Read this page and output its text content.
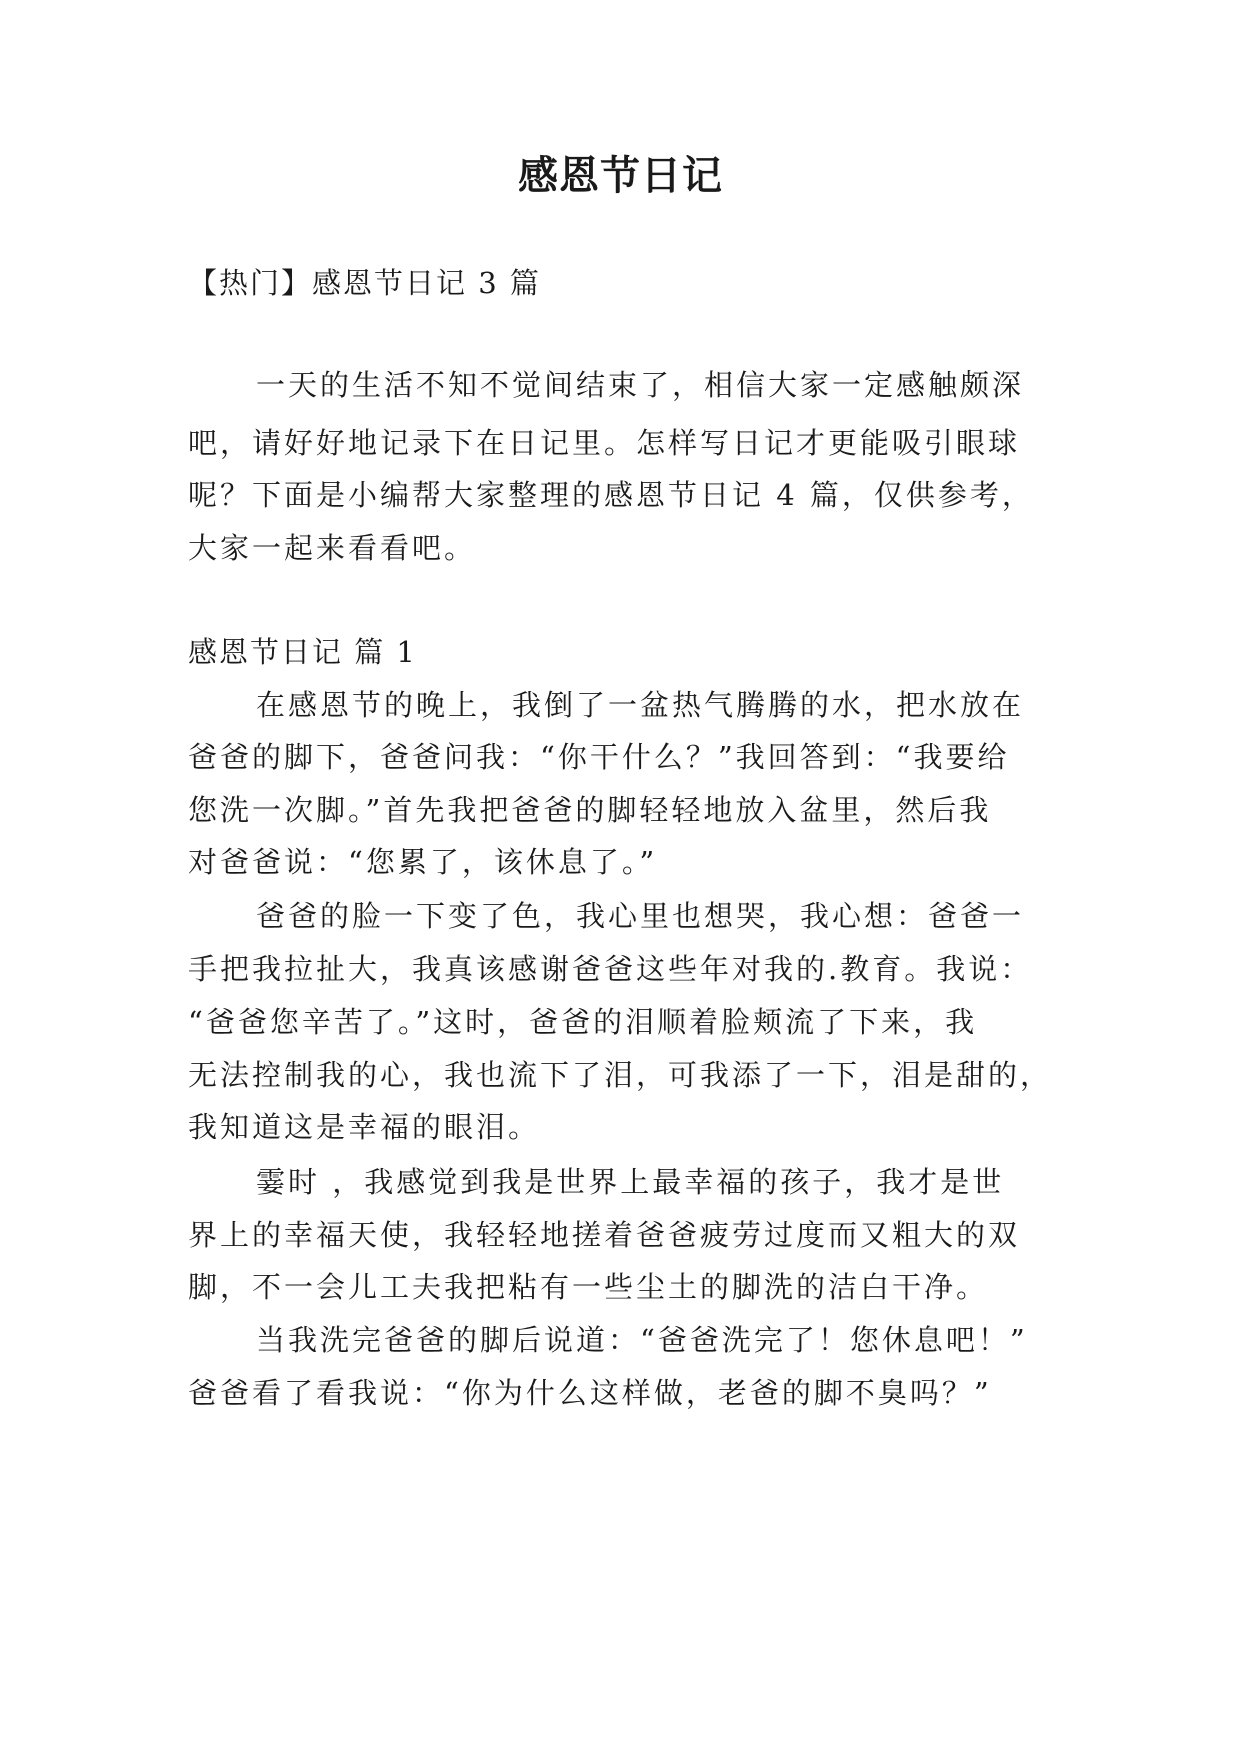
感恩节日记
【热门】感恩节日记 3 篇
一天的生活不知不觉间结束了，相信大家一定感触颇深
吧，请好好地记录下在日记里。怎样写日记才更能吸引眼球
呢？下面是小编帮大家整理的感恩节日记 4 篇，仅供参考，
大家一起来看看吧。
感恩节日记 篇 1
在感恩节的晚上，我倒了一盆热气腾腾的水，把水放在
爸爸的脚下，爸爸问我：“你干什么？”我回答到：“我要给
您洗一次脚。”首先我把爸爸的脚轻轻地放入盆里，然后我
对爸爸说：“您累了，该休息了。”
爸爸的脸一下变了色，我心里也想哭，我心想：爸爸一
手把我拉扯大，我真该感谢爸爸这些年对我的.教育。我说：
“爸爸您辛苦了。”这时，爸爸的泪顺着脸颊流了下来，我
无法控制我的心，我也流下了泪，可我添了一下，泪是甜的，
我知道这是幸福的眼泪。
霎时 ，我感觉到我是世界上最幸福的孩子，我才是世
界上的幸福天使，我轻轻地搓着爸爸疲劳过度而又粗大的双
脚，不一会儿工夫我把粘有一些尘土的脚洗的洁白干净。
当我洗完爸爸的脚后说道：“爸爸洗完了！您休息吧！”
爸爸看了看我说：“你为什么这样做，老爸的脚不臭吗？”
